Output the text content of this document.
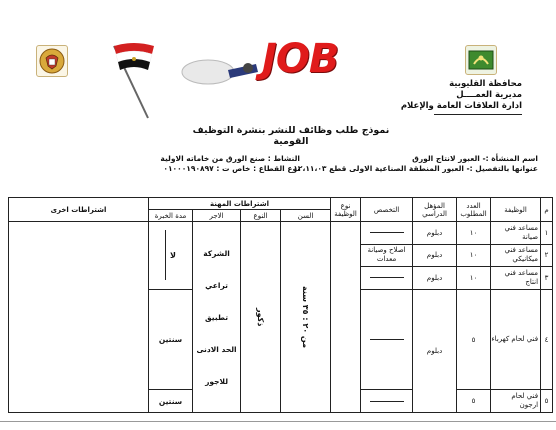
JOB
محافظة القليوبية
مديرية العمــــل
ادارة العلاقات العامة والإعلام
نموذج طلب وظائف للنشر بنشرة التوظيف القومية
اسم المنشأة :- العبور لانتاج الورق
عنوانها بالتفصيل :- العبور المنطقة الصناعية الاولى قطع ١٢،١١،٠٣
النشاط : صنع الورق من خاماته الاولية
نوع القطاع : خاص ت : ٠١٠٠٠١٩٠٨٩٧
م	الوظيفة	العدد المطلوب	المؤهل الدراسي	التخصص	نوع الوظيفة	اشتراطات المهنة				اشتراطات اخرى
						السن	النوع	الاجر	مدة الخبرة	
١	مساعد فني صيانة	١٠	دبلوم			من ٢٠ : ٣٥ سنة	ذكور	الشركة
تراعي
تطبيق
الحد الادنى
للاجور	لا	

٢	مساعد فني ميكانيكي	١٠	دبلوم	اصلاح وصيانة معدات						
٣	مساعد فني انتاج	١٠	دبلوم							

٤	فني لحام كهرباء	٥	دبلوم						سنتين	
٥	فني لحام ارجون	٥							سنتين	
